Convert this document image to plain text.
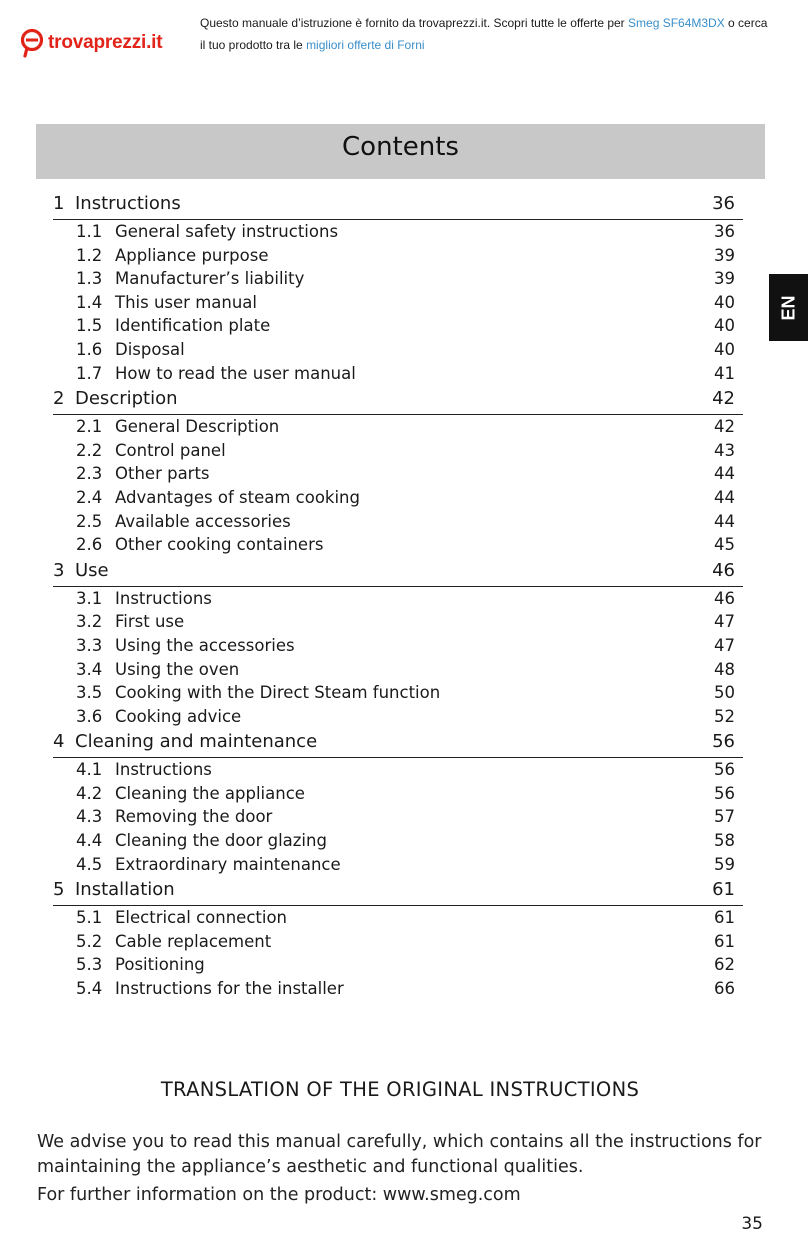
trovaprezzi.it
Questo manuale d’istruzione è fornito da trovaprezzi.it. Scopri tutte le offerte per Smeg SF64M3DX o cerca
il tuo prodotto tra le migliori offerte di Forni
Contents
EN
1 Instructions	36
1.1 General safety instructions	36
1.2 Appliance purpose	39
1.3 Manufacturer’s liability	39
1.4 This user manual	40
1.5 Identification plate	40
1.6 Disposal	40
1.7 How to read the user manual	41
2 Description	42
2.1 General Description	42
2.2 Control panel	43
2.3 Other parts	44
2.4 Advantages of steam cooking	44
2.5 Available accessories	44
2.6 Other cooking containers	45
3 Use	46
3.1 Instructions	46
3.2 First use	47
3.3 Using the accessories	47
3.4 Using the oven	48
3.5 Cooking with the Direct Steam function	50
3.6 Cooking advice	52
4 Cleaning and maintenance	56
4.1 Instructions	56
4.2 Cleaning the appliance	56
4.3 Removing the door	57
4.4 Cleaning the door glazing	58
4.5 Extraordinary maintenance	59
5 Installation	61
5.1 Electrical connection	61
5.2 Cable replacement	61
5.3 Positioning	62
5.4 Instructions for the installer	66
TRANSLATION OF THE ORIGINAL INSTRUCTIONS
We advise you to read this manual carefully, which contains all the instructions for maintaining the appliance’s aesthetic and functional qualities.
For further information on the product: www.smeg.com
35
